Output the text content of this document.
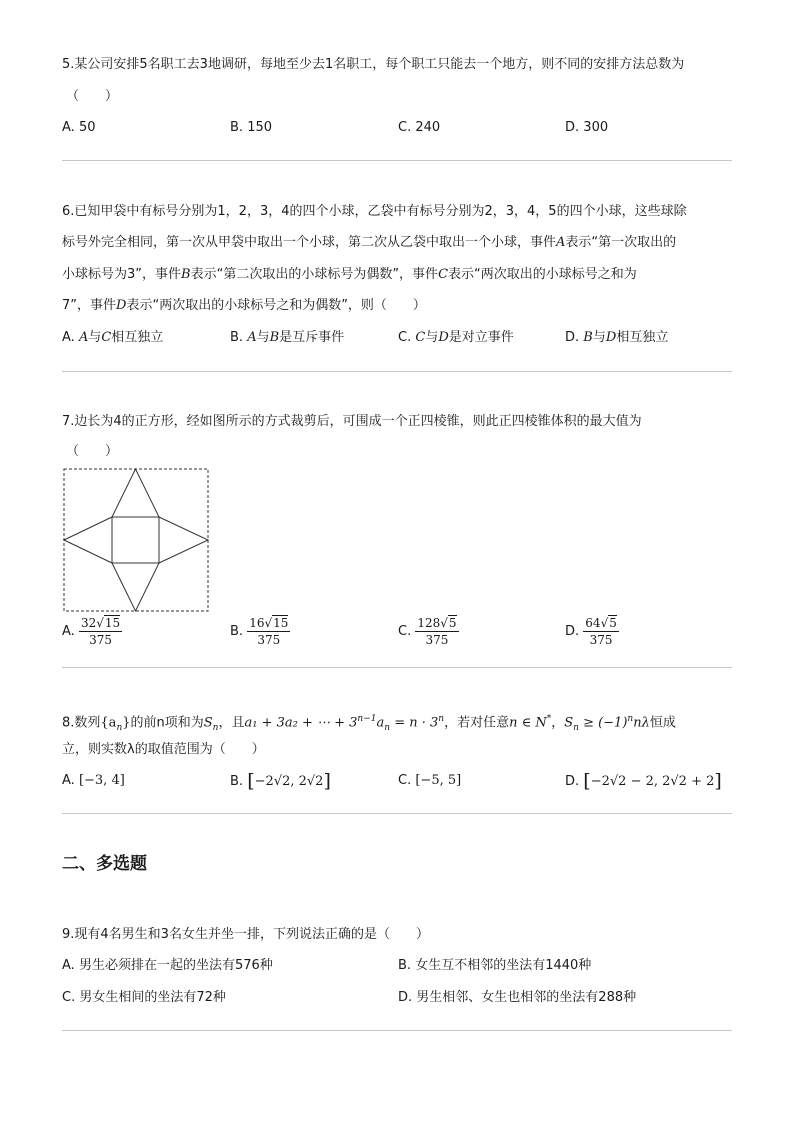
5.某公司安排5名职工去3地调研，每地至少去1名职工，每个职工只能去一个地方，则不同的安排方法总数为
（　　）
A. 50	B. 150	C. 240	D. 300
6.已知甲袋中有标号分别为1，2，3，4的四个小球，乙袋中有标号分别为2，3，4，5的四个小球，这些球除
标号外完全相同，第一次从甲袋中取出一个小球，第二次从乙袋中取出一个小球，事件A表示“第一次取出的
小球标号为3”，事件B表示“第二次取出的小球标号为偶数”，事件C表示“两次取出的小球标号之和为
7”，事件D表示“两次取出的小球标号之和为偶数”，则（　　）
A. A与C相互独立	B. A与B是互斥事件	C. C与D是对立事件	D. B与D相互独立
7.边长为4的正方形，经如图所示的方式裁剪后，可围成一个正四棱锥，则此正四棱锥体积的最大值为
（　　）
A. $\frac{32√15}{375}$	B. $\frac{16√15}{375}$	C. $\frac{128√5}{375}$	D. $\frac{64√5}{375}$
8.数列$\{a_n\}$的前n项和为$S_n$，且a₁ + 3a₂ + ⋯ + $3^{n-1}a_n = n \cdot 3^n$，若对任意n ∈ N*，$S_n \ge (-1)^nn\lambda$恒成
立，则实数λ的取值范围为（　　）
A. [−3, 4]	B. [−2√2, 2√2]	C. [−5, 5]	D. [−2√2 − 2, 2√2 + 2]
二、多选题
9.现有4名男生和3名女生并坐一排，下列说法正确的是（　　）
A. 男生必须排在一起的坐法有576种	B. 女生互不相邻的坐法有1440种
C. 男女生相间的坐法有72种	D. 男生相邻、女生也相邻的坐法有288种
